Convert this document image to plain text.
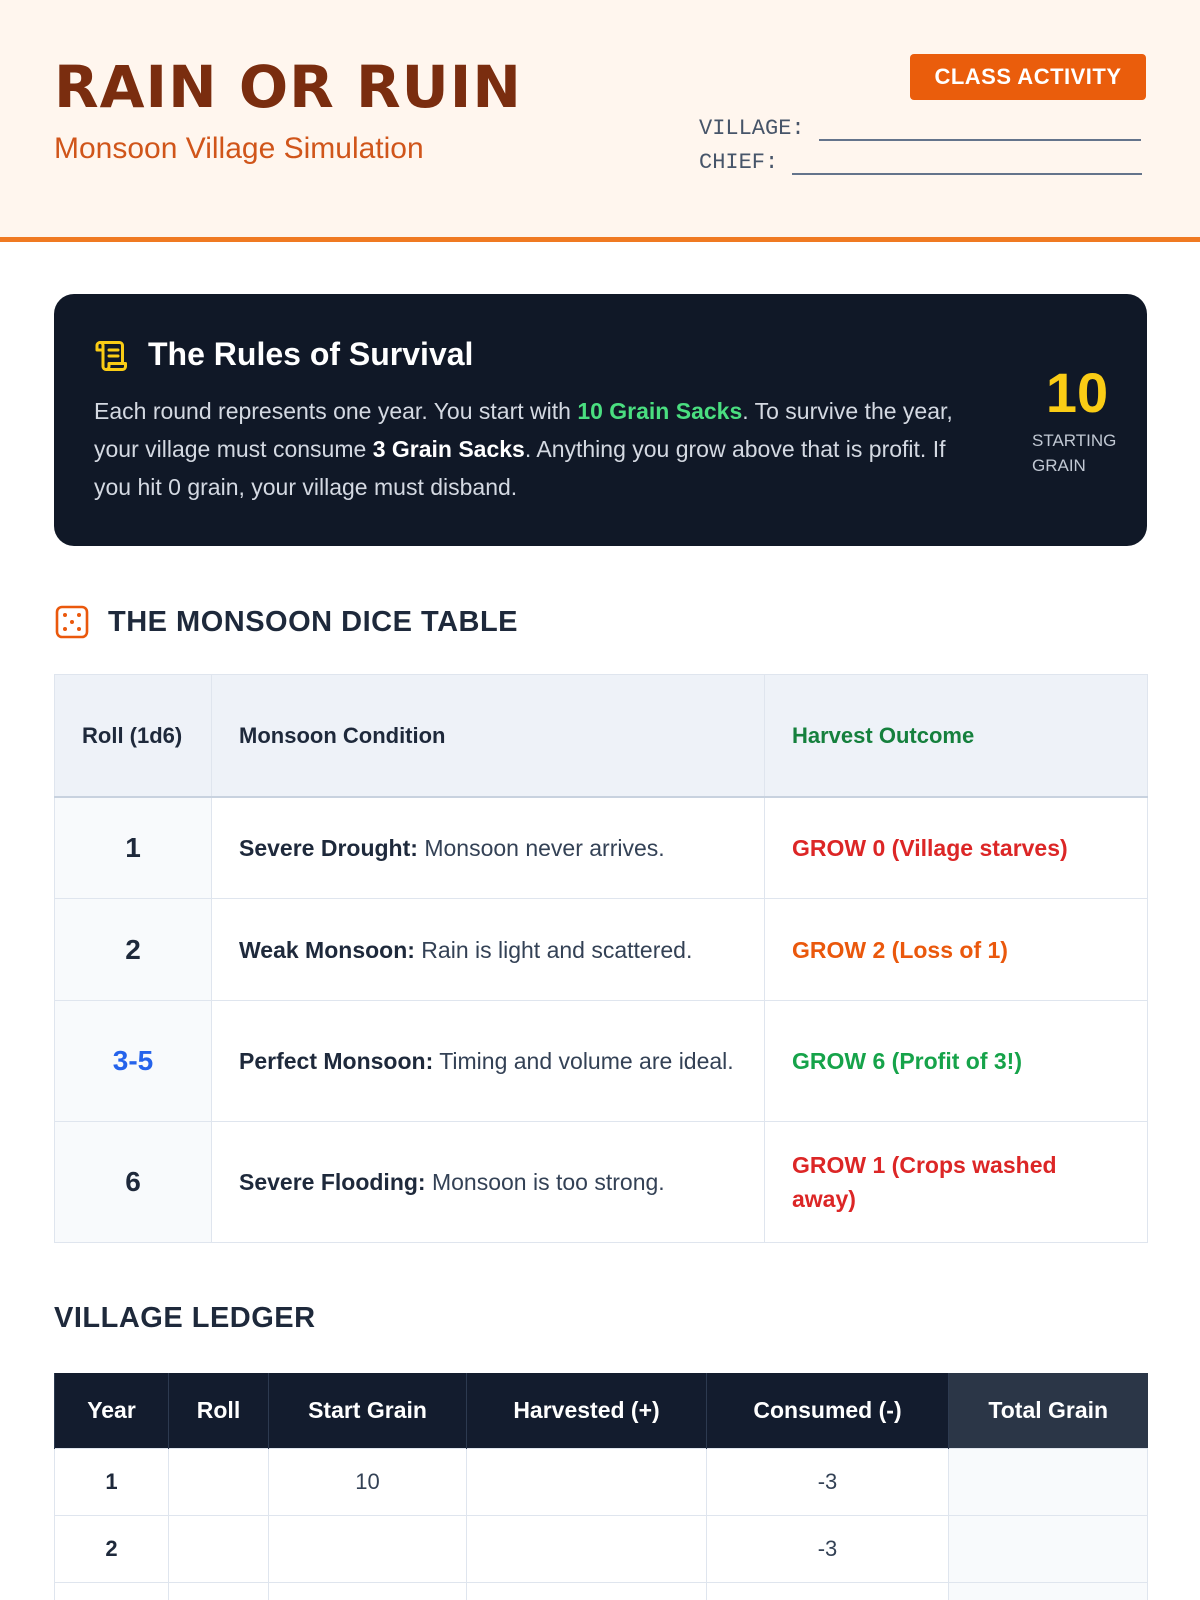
RAIN OR RUIN
Monsoon Village Simulation
CLASS ACTIVITY
VILLAGE:
CHIEF:
The Rules of Survival
Each round represents one year. You start with 10 Grain Sacks. To survive the year, your village must consume 3 Grain Sacks. Anything you grow above that is profit. If you hit 0 grain, your village must disband.
10
STARTING GRAIN
THE MONSOON DICE TABLE
Roll (1d6)	Monsoon Condition	Harvest Outcome
1	Severe Drought: Monsoon never arrives.	GROW 0 (Village starves)
2	Weak Monsoon: Rain is light and scattered.	GROW 2 (Loss of 1)
3-5	Perfect Monsoon: Timing and volume are ideal.	GROW 6 (Profit of 3!)
6	Severe Flooding: Monsoon is too strong.	GROW 1 (Crops washed away)
VILLAGE LEDGER
Year	Roll	Start Grain	Harvested (+)	Consumed (-)	Total Grain
1		10		-3	
2				-3	
